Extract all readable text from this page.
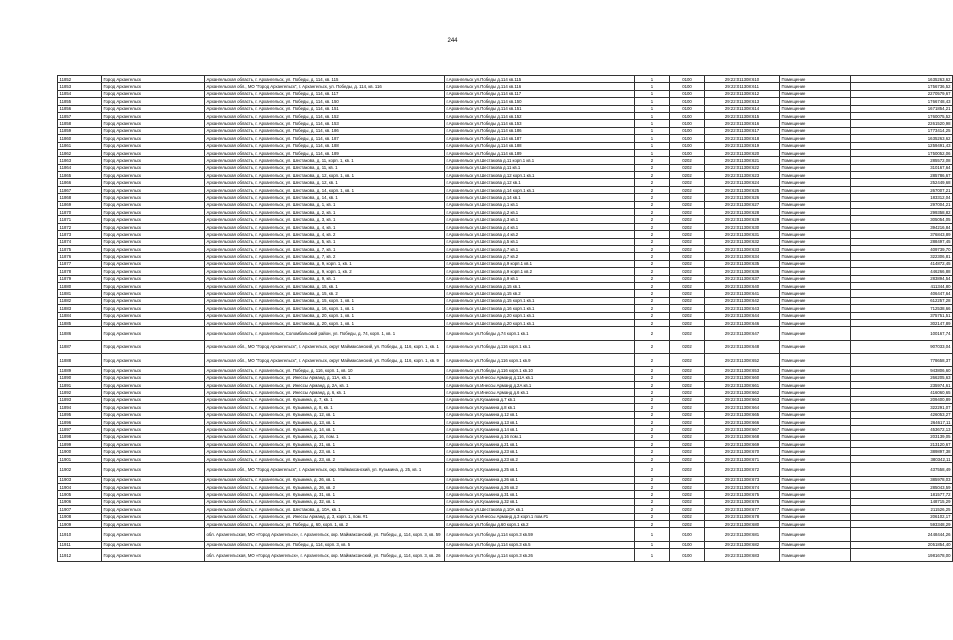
244
11852	Город Архангельск	Архангельская область, г. Архангельск, ул. Победы, д. 114, кв. 115	г.Архангельск ул.Победы д.114 кв.115	1	0100	29:22:011308:610	Помещение	1635263,62
11853	Город Архангельск	Архангельская обл., МО "Город Архангельск", г. Архангельск, ул. Победы, д. 114, кв. 116	г.Архангельск ул.Победы д.114 кв.116	1	0100	29:22:011308:611	Помещение	1756736,52
11854	Город Архангельск	Архангельская область, г. Архангельск, ул. Победы, д. 114, кв. 117	г.Архангельск ул.Победы д.114 кв.117	1	0100	29:22:011308:612	Помещение	2270579,67
11855	Город Архангельск	Архангельская область, г. Архангельск, ул. Победы, д. 114, кв. 150	г.Архангельск ул.Победы д.114 кв.150	1	0100	29:22:011308:613	Помещение	1766748,43
11856	Город Архангельск	Архангельская область, г. Архангельск, ул. Победы, д. 114, кв. 151	г.Архангельск ул.Победы д.114 кв.151	1	0100	29:22:011308:614	Помещение	1671854,21
11857	Город Архангельск	Архангельская область, г. Архангельск, ул. Победы, д. 114, кв. 152	г.Архангельск ул.Победы д.114 кв.152	1	0100	29:22:011308:615	Помещение	1760075,52
11858	Город Архангельск	Архангельская область, г. Архангельск, ул. Победы, д. 114, кв. 153	г.Архангельск ул.Победы д.114 кв.153	1	0100	29:22:011308:616	Помещение	2261520,98
11859	Город Архангельск	Архангельская область, г. Архангельск, ул. Победы, д. 114, кв. 186	г.Архангельск ул.Победы д.114 кв.186	1	0100	29:22:011308:617	Помещение	1773414,25
11860	Город Архангельск	Архангельская область, г. Архангельск, ул. Победы, д. 114, кв. 187	г.Архангельск ул.Победы д.114 кв.187	1	0100	29:22:011308:618	Помещение	1635263,62
11861	Город Архангельск	Архангельская область, г. Архангельск, ул. Победы, д. 114, кв. 188	г.Архангельск ул.Победы д.114 кв.188	1	0100	29:22:011308:619	Помещение	1259491,43
11862	Город Архангельск	Архангельская область, г. Архангельск, ул. Победы, д. 114, кв. 189	г.Архангельск ул.Победы д.114 кв.189	1	0100	29:22:011308:620	Помещение	1750052,06
11863	Город Архангельск	Архангельская область, г. Архангельск, ул. Шестакова, д. 11, корп. 1, кв. 1	г.Архангельск ул.Шестакова д.11 корп.1 кв.1	2	0202	29:22:011308:621	Помещение	285572,08
11864	Город Архангельск	Архангельская область, г. Архангельск, ул. Шестакова, д. 11, кв. 1	г.Архангельск ул.Шестакова д.11 кв.1	2	0202	29:22:011308:622	Помещение	310167,64
11865	Город Архангельск	Архангельская область, г. Архангельск, ул. Шестакова, д. 12, корп. 1, кв. 1	г.Архангельск ул.Шестакова д.12 корп.1 кв.1	2	0202	29:22:011308:623	Помещение	285786,67
11866	Город Архангельск	Архангельская область, г. Архангельск, ул. Шестакова, д. 12, кв. 1	г.Архангельск ул.Шестакова д.12 кв.1	2	0202	29:22:011308:624	Помещение	252449,68
11867	Город Архангельск	Архангельская область, г. Архангельск, ул. Шестакова, д. 14, корп. 1, кв. 1	г.Архангельск ул.Шестакова д.14 корп.1 кв.1	2	0202	29:22:011308:625	Помещение	267007,21
11868	Город Архангельск	Архангельская область, г. Архангельск, ул. Шестакова, д. 14, кв. 1	г.Архангельск ул.Шестакова д.14 кв.1	2	0202	29:22:011308:626	Помещение	183312,04
11869	Город Архангельск	Архангельская область, г. Архангельск, ул. Шестакова, д. 1, кв. 1	г.Архангельск ул.Шестакова д.1 кв.1	2	0202	29:22:011308:627	Помещение	297004,21
11870	Город Архангельск	Архангельская область, г. Архангельск, ул. Шестакова, д. 2, кв. 1	г.Архангельск ул.Шестакова д.2 кв.1	2	0202	29:22:011308:628	Помещение	299358,82
11871	Город Архангельск	Архангельская область, г. Архангельск, ул. Шестакова, д. 3, кв. 1	г.Архангельск ул.Шестакова д.3 кв.1	2	0202	29:22:011308:629	Помещение	305054,05
11872	Город Архангельск	Архангельская область, г. Архангельск, ул. Шестакова, д. 4, кв. 1	г.Архангельск ул.Шестакова д.4 кв.1	2	0202	29:22:011308:630	Помещение	394216,84
11873	Город Архангельск	Архангельская область, г. Архангельск, ул. Шестакова, д. 4, кв. 2	г.Архангельск ул.Шестакова д.4 кв.2	2	0202	29:22:011308:631	Помещение	376843,89
11874	Город Архангельск	Архангельская область, г. Архангельск, ул. Шестакова, д. 5, кв. 1	г.Архангельск ул.Шестакова д.5 кв.1	2	0202	29:22:011308:632	Помещение	288497,45
11875	Город Архангельск	Архангельская область, г. Архангельск, ул. Шестакова, д. 7, кв. 1	г.Архангельск ул.Шестакова д.7 кв.1	2	0202	29:22:011308:633	Помещение	409739,70
11876	Город Архангельск	Архангельская область, г. Архангельск, ул. Шестакова, д. 7, кв. 2	г.Архангельск ул.Шестакова д.7 кв.2	2	0202	29:22:011308:634	Помещение	322306,81
11877	Город Архангельск	Архангельская область, г. Архангельск, ул. Шестакова, д. 9, корп. 1, кв. 1	г.Архангельск ул.Шестакова д.9 корп.1 кв.1	2	0202	29:22:011308:635	Помещение	414872,45
11878	Город Архангельск	Архангельская область, г. Архангельск, ул. Шестакова, д. 9, корп. 1, кв. 2	г.Архангельск ул.Шестакова д.9 корп.1 кв.2	2	0202	29:22:011308:636	Помещение	446266,88
11879	Город Архангельск	Архангельская область, г. Архангельск, ул. Шестакова, д. 9, кв. 1	г.Архангельск ул.Шестакова д.9 кв.1	2	0202	29:22:011308:637	Помещение	283894,54
11880	Город Архангельск	Архангельская область, г. Архангельск, ул. Шестакова, д. 15, кв. 1	г.Архангельск ул.Шестакова д.15 кв.1	2	0202	29:22:011308:640	Помещение	411344,80
11881	Город Архангельск	Архангельская область, г. Архангельск, ул. Шестакова, д. 15, кв. 2	г.Архангельск ул.Шестакова д.15 кв.2	2	0202	29:22:011308:641	Помещение	406447,64
11882	Город Архангельск	Архангельская область, г. Архангельск, ул. Шестакова, д. 15, корп. 1, кв. 1	г.Архангельск ул.Шестакова д.15 корп.1 кв.1	2	0202	29:22:011308:642	Помещение	612257,28
11883	Город Архангельск	Архангельская область, г. Архангельск, ул. Шестакова, д. 16, корп. 1, кв. 1	г.Архангельск ул.Шестакова д.16 корп.1 кв.1	2	0202	29:22:011308:643	Помещение	712538,66
11884	Город Архангельск	Архангельская область, г. Архангельск, ул. Шестакова, д. 20, корп. 1, кв. 1	г.Архангельск ул.Шестакова д.20 корп.1 кв.1	2	0202	29:22:011308:644	Помещение	375751,51
11885	Город Архангельск	Архангельская область, г. Архангельск, ул. Шестакова, д. 20, корп. 1, кв. 1	г.Архангельск ул.Шестакова д.20 корп.1 кв.1	2	0202	29:22:011308:646	Помещение	302147,89
11886	Город Архангельск	Архангельская область, г. Архангельск, Соломбальский район, ул. Победы, д. 74, корп. 1, кв. 1	г.Архангельск ул.Победы д.74 корп.1 кв.1	2	0202	29:22:011308:647	Помещение	100167,74
11887	Город Архангельск	Архангельская обл., МО "Город Архангельск", г. Архангельск, округ Маймаксанский, ул. Победы, д. 116, корп. 1, кв. 1	г.Архангельск ул.Победы д.116 корп.1 кв.1	2	0202	29:22:011308:648	Помещение	907033,04
11888	Город Архангельск	Архангельская обл., МО "Город Архангельск", г. Архангельск, округ Маймаксанский, ул. Победы, д. 116, корп. 1, кв. 9	г.Архангельск ул.Победы д.116 корп.1 кв.9	2	0202	29:22:011308:652	Помещение	778658,37
11889	Город Архангельск	Архангельская область, г. Архангельск, ул. Победы, д. 116, корп. 1, кв. 10	г.Архангельск ул.Победы д.116 корп.1 кв.10	2	0202	29:22:011308:653	Помещение	943806,60
11890	Город Архангельск	Архангельская область, г. Архангельск, ул. Инессы Арманд, д. 11А, кв. 1	г.Архангельск ул.Инессы Арманд д.11А кв.1	2	0202	29:22:011308:660	Помещение	266205,63
11891	Город Архангельск	Архангельская область, г. Архангельск, ул. Инессы Арманд, д. 2А, кв. 1	г.Архангельск ул.Инессы Арманд д.2А кв.1	2	0202	29:22:011308:661	Помещение	235974,61
11892	Город Архангельск	Архангельская область, г. Архангельск, ул. Инессы Арманд, д. 6, кв. 1	г.Архангельск ул.Инессы Арманд д.6 кв.1	2	0202	29:22:011308:662	Помещение	416060,65
11893	Город Архангельск	Архангельская область, г. Архангельск, ул. Кузьмина, д. 7, кв. 1	г.Архангельск ул.Кузьмина д.7 кв.1	2	0202	29:22:011308:663	Помещение	209400,89
11894	Город Архангельск	Архангельская область, г. Архангельск, ул. Кузьмина, д. 8, кв. 1	г.Архангельск ул.Кузьмина д.8 кв.1	2	0202	29:22:011308:664	Помещение	322291,07
11895	Город Архангельск	Архангельская область, г. Архангельск, ул. Кузьмина, д. 12, кв. 1	г.Архангельск ул.Кузьмина д.12 кв.1	2	0202	29:22:011308:665	Помещение	426053,27
11896	Город Архангельск	Архангельская область, г. Архангельск, ул. Кузьмина, д. 13, кв. 1	г.Архангельск ул.Кузьмина д.13 кв.1	2	0202	29:22:011308:666	Помещение	264617,11
11897	Город Архангельск	Архангельская область, г. Архангельск, ул. Кузьмина, д. 14, кв. 1	г.Архангельск ул.Кузьмина д.14 кв.1	2	0202	29:22:011308:667	Помещение	453672,13
11898	Город Архангельск	Архангельская область, г. Архангельск, ул. Кузьмина, д. 16, пом. 1	г.Архангельск ул.Кузьмина д.16 пом.1	2	0202	29:22:011308:668	Помещение	203139,05
11899	Город Архангельск	Архангельская область, г. Архангельск, ул. Кузьмина, д. 21, кв. 1	г.Архангельск ул.Кузьмина д.21 кв.1	2	0202	29:22:011308:669	Помещение	213120,67
11900	Город Архангельск	Архангельская область, г. Архангельск, ул. Кузьмина, д. 23, кв. 1	г.Архангельск ул.Кузьмина д.23 кв.1	2	0202	29:22:011308:670	Помещение	389897,38
11901	Город Архангельск	Архангельская область, г. Архангельск, ул. Кузьмина, д. 23, кв. 2	г.Архангельск ул.Кузьмина д.23 кв.2	2	0202	29:22:011308:671	Помещение	380342,11
11902	Город Архангельск	Архангельская обл., МО "Город Архангельск", г. Архангельск, окр. Маймаксанский, ул. Кузьмина, д. 25, кв. 1	г.Архангельск ул.Кузьмина д.25 кв.1	2	0202	29:22:011308:672	Помещение	437558,49
11903	Город Архангельск	Архангельская область, г. Архангельск, ул. Кузьмина, д. 26, кв. 1	г.Архангельск ул.Кузьмина д.26 кв.1	2	0202	29:22:011308:673	Помещение	385978,03
11904	Город Архангельск	Архангельская область, г. Архангельск, ул. Кузьмина, д. 26, кв. 2	г.Архангельск ул.Кузьмина д.26 кв.2	2	0202	29:22:011308:674	Помещение	285043,59
11905	Город Архангельск	Архангельская область, г. Архангельск, ул. Кузьмина, д. 31, кв. 1	г.Архангельск ул.Кузьмина д.31 кв.1	2	0202	29:22:011308:675	Помещение	181577,72
11906	Город Архангельск	Архангельская область, г. Архангельск, ул. Кузьмина, д. 32, кв. 1	г.Архангельск ул.Кузьмина д.32 кв.1	2	0202	29:22:011308:676	Помещение	148715,29
11907	Город Архангельск	Архангельская область, г. Архангельск, ул. Шестакова, д. 10А, кв. 1	г.Архангельск ул.Шестакова д.10А кв.1	2	0202	29:22:011308:677	Помещение	211526,25
11908	Город Архангельск	Архангельская область, г. Архангельск, ул. Инессы Арманд, д. 3, корп. 1, пом. #1	г.Архангельск ул.Инессы Арманд д.3 корп.1 пом.#1	2	0202	29:22:011308:678	Помещение	206102,17
11909	Город Архангельск	Архангельская область, г. Архангельск, ул. Победы, д. 60, корп. 1, кв. 2	г.Архангельск ул.Победы д.60 корп.1 кв.2	2	0202	29:22:011308:680	Помещение	593348,29
11910	Город Архангельск	обл. Архангельская, МО «Город Архангельск», г. Архангельск, окр. Маймаксанский, ул. Победы, д. 114, корп. 3, кв. 59	г.Архангельск ул.Победы д.114 корп.3 кв.59	1	0100	29:22:011308:681	Помещение	2448444,26
11911	Город Архангельск	Архангельская область, г. Архангельск, ул. Победы, д. 114, корп. 3, кв. 5	г.Архангельск ул.Победы д.114 корп.3 кв.5	1	0100	29:22:011308:682	Помещение	2051854,40
11912	Город Архангельск	обл. Архангельская, МО «Город Архангельск», г. Архангельск, окр. Маймаксанский, ул. Победы, д. 114, корп. 3, кв. 26	г.Архангельск ул.Победы д.114 корп.3 кв.26	1	0100	29:22:011308:683	Помещение	1981678,00
